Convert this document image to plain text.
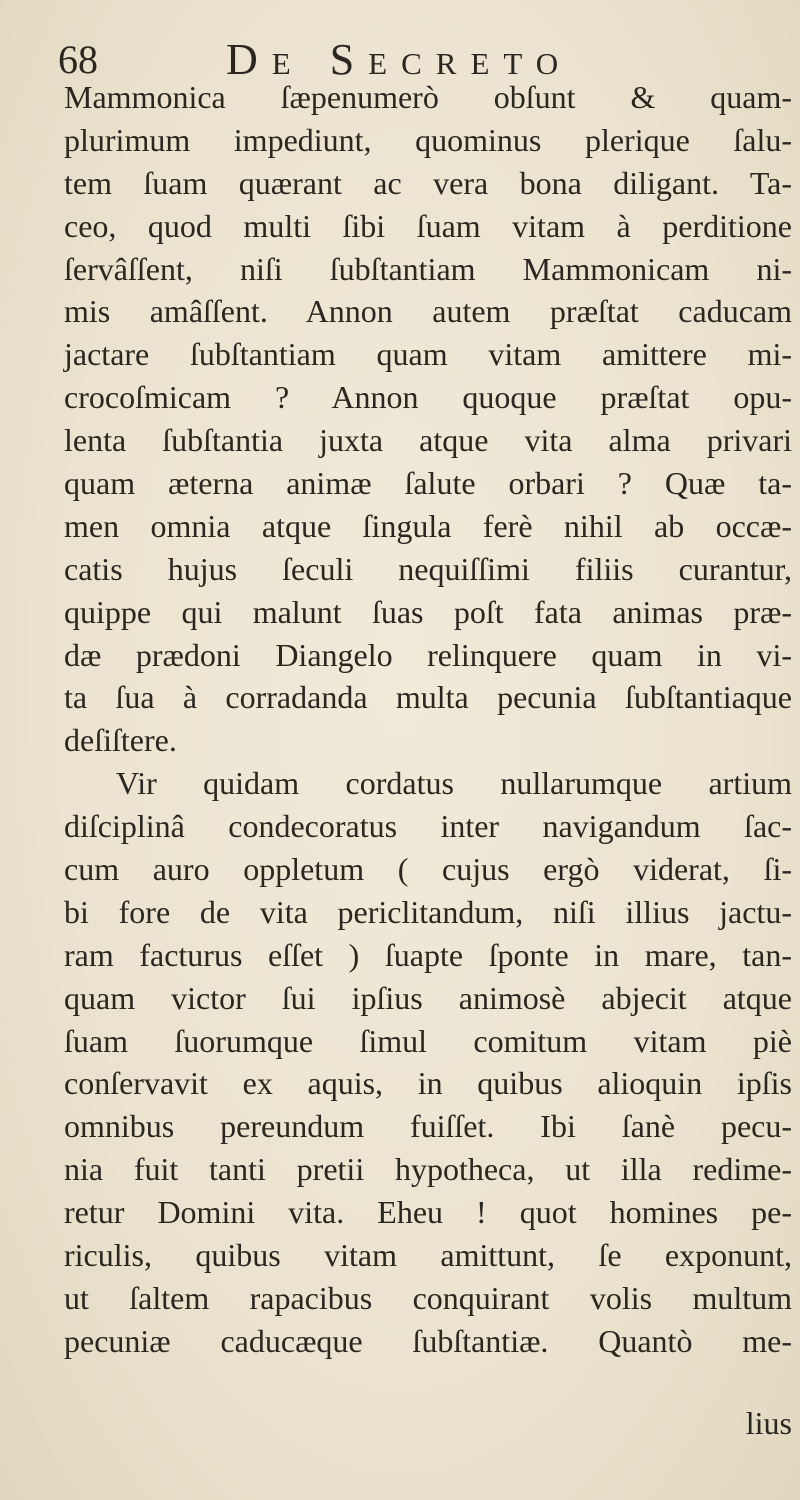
68	De Secreto
Mammonica ſæpenumerò obſunt & quam-
plurimum impediunt, quominus plerique ſalu-
tem ſuam quærant ac vera bona diligant. Ta-
ceo, quod multi ſibi ſuam vitam à perditione
ſervâſſent, niſi ſubſtantiam Mammonicam ni-
mis amâſſent. Annon autem præſtat caducam
jactare ſubſtantiam quam vitam amittere mi-
crocoſmicam ? Annon quoque præſtat opu-
lenta ſubſtantia juxta atque vita alma privari
quam æterna animæ ſalute orbari ? Quæ ta-
men omnia atque ſingula ferè nihil ab occæ-
catis hujus ſeculi nequiſſimi filiis curantur,
quippe qui malunt ſuas poſt fata animas præ-
dæ prædoni Diangelo relinquere quam in vi-
ta ſua à corradanda multa pecunia ſubſtantiaque
deſiſtere.
Vir quidam cordatus nullarumque artium
diſciplinâ condecoratus inter navigandum ſac-
cum auro oppletum ( cujus ergò viderat, ſi-
bi fore de vita periclitandum, niſi illius jactu-
ram facturus eſſet ) ſuapte ſponte in mare, tan-
quam victor ſui ipſius animosè abjecit atque
ſuam ſuorumque ſimul comitum vitam piè
conſervavit ex aquis, in quibus alioquin ipſis
omnibus pereundum fuiſſet. Ibi ſanè pecu-
nia fuit tanti pretii hypotheca, ut illa redime-
retur Domini vita. Eheu ! quot homines pe-
riculis, quibus vitam amittunt, ſe exponunt,
ut ſaltem rapacibus conquirant volis multum
pecuniæ caducæque ſubſtantiæ. Quantò me-
lius
